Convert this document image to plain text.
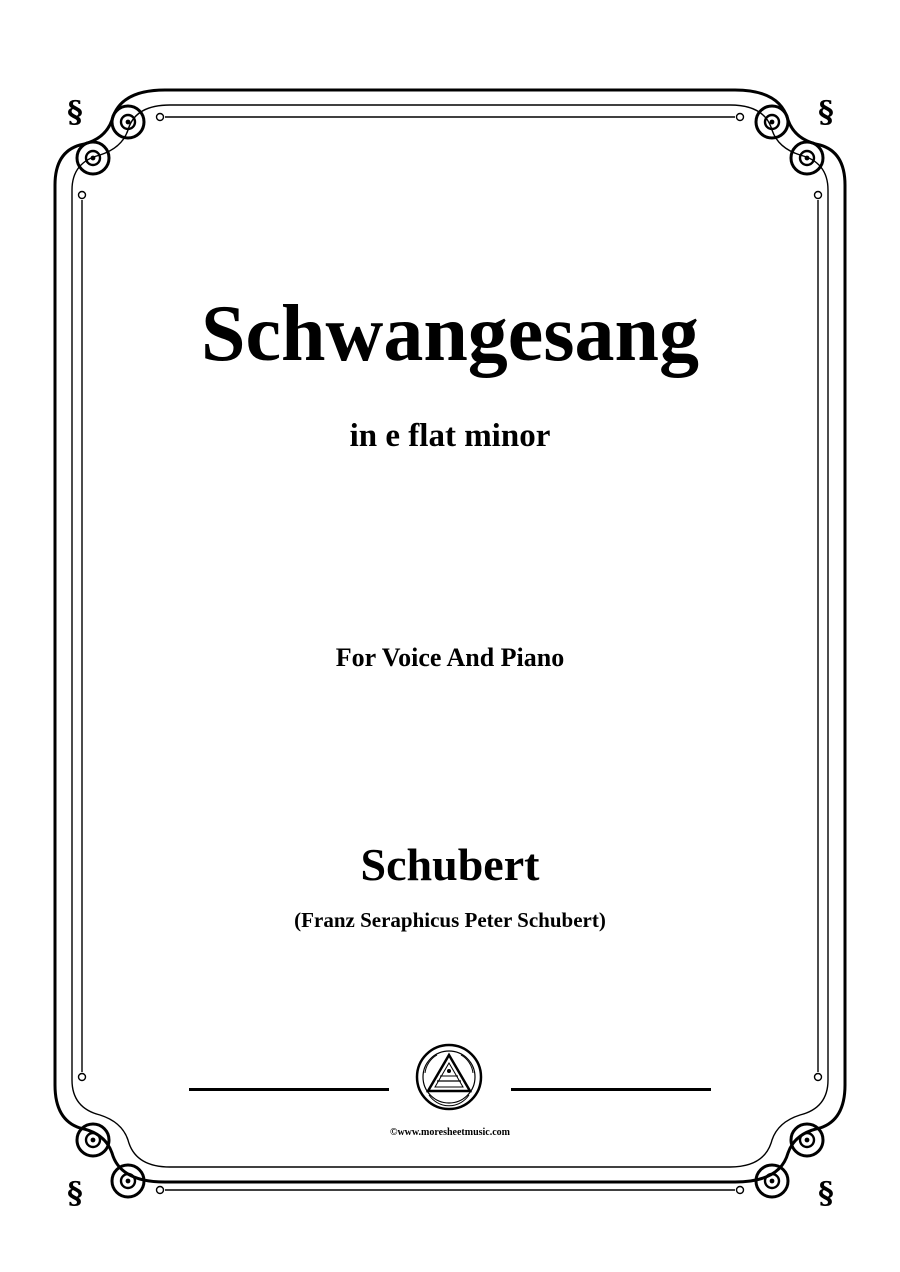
§	§
§	§
Schwangesang
in e flat minor
For Voice And Piano
Schubert
(Franz Seraphicus Peter Schubert)
©www.moresheetmusic.com
